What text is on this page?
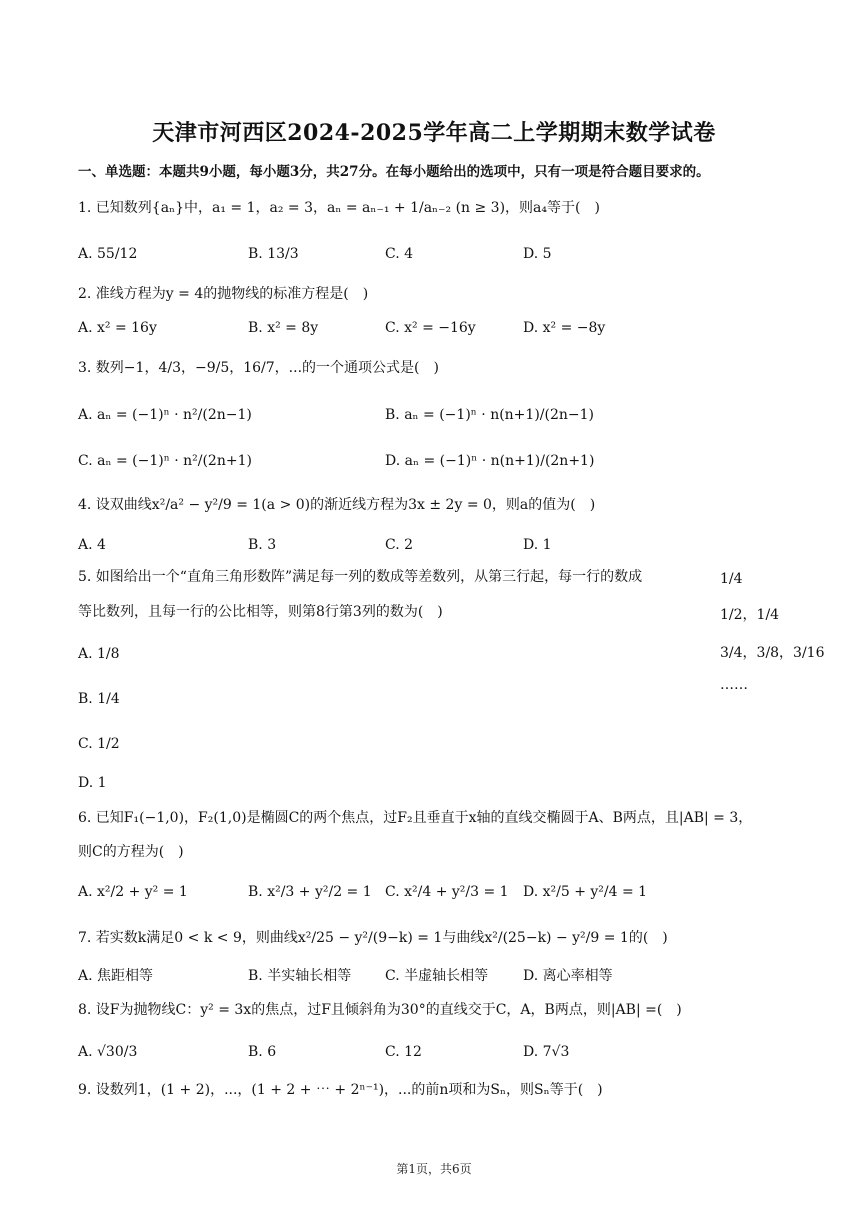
天津市河西区2024-2025学年高二上学期期末数学试卷
一、单选题：本题共9小题，每小题3分，共27分。在每小题给出的选项中，只有一项是符合题目要求的。
1. 已知数列{aₙ}中，a₁ = 1，a₂ = 3，aₙ = aₙ₋₁ + 1/aₙ₋₂ (n ≥ 3)，则a₄等于(　)
A. 55/12	B. 13/3	C. 4	D. 5
2. 准线方程为y = 4的抛物线的标准方程是(　)
A. x² = 16y	B. x² = 8y	C. x² = −16y	D. x² = −8y
3. 数列−1，4/3，−9/5，16/7，...的一个通项公式是(　)
A. aₙ = (−1)ⁿ · n²/(2n−1)	B. aₙ = (−1)ⁿ · n(n+1)/(2n−1)
C. aₙ = (−1)ⁿ · n²/(2n+1)	D. aₙ = (−1)ⁿ · n(n+1)/(2n+1)
4. 设双曲线x²/a² − y²/9 = 1(a > 0)的渐近线方程为3x ± 2y = 0，则a的值为(　)
A. 4	B. 3	C. 2	D. 1
5. 如图给出一个“直角三角形数阵”满足每一列的数成等差数列，从第三行起，每一行的数成
等比数列，且每一行的公比相等，则第8行第3列的数为(　)
A. 1/8
B. 1/4
C. 1/2
D. 1
1/4
1/2，1/4
3/4，3/8，3/16
……
6. 已知F₁(−1,0)，F₂(1,0)是椭圆C的两个焦点，过F₂且垂直于x轴的直线交椭圆于A、B两点，且|AB| = 3，
则C的方程为(　)
A. x²/2 + y² = 1	B. x²/3 + y²/2 = 1 C. x²/4 + y²/3 = 1 D. x²/5 + y²/4 = 1
7. 若实数k满足0 < k < 9，则曲线x²/25 − y²/(9−k) = 1与曲线x²/(25−k) − y²/9 = 1的(　)
A. 焦距相等	B. 半实轴长相等 C. 半虚轴长相等 D. 离心率相等
8. 设F为抛物线C：y² = 3x的焦点，过F且倾斜角为30°的直线交于C，A，B两点，则|AB| =(　)
A. √30/3	B. 6	C. 12	D. 7√3
9. 设数列1，(1 + 2)，...，(1 + 2 + ⋯ + 2ⁿ⁻¹)，...的前n项和为Sₙ，则Sₙ等于(　)
第1页，共6页
